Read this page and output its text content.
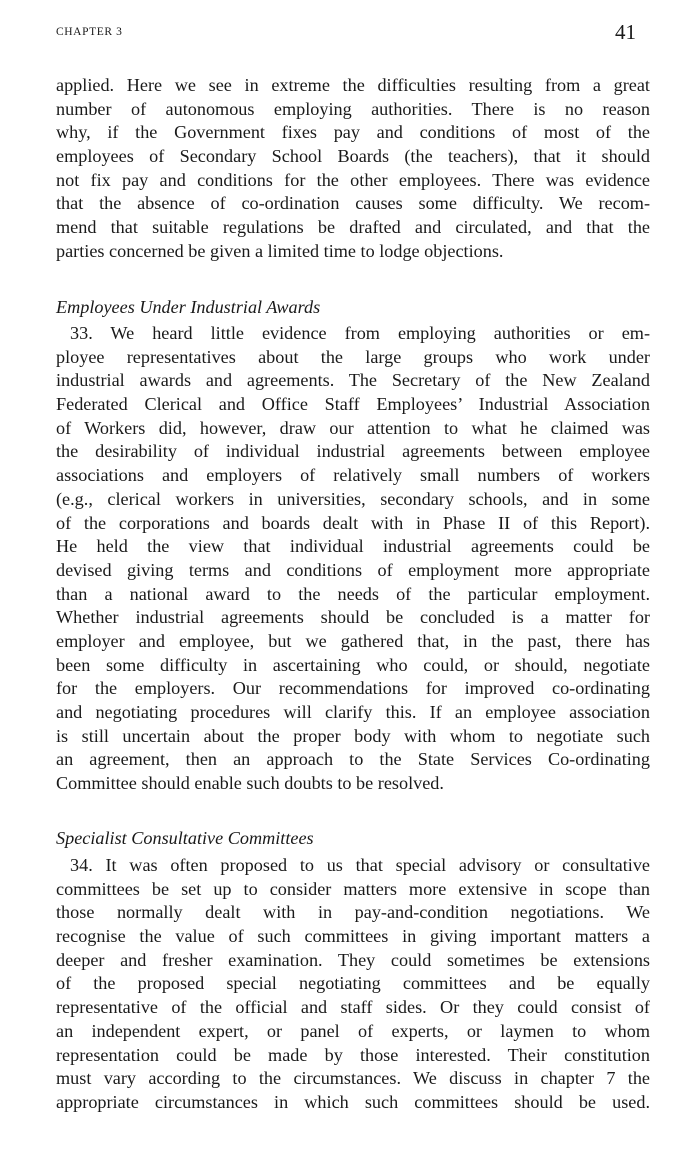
CHAPTER 3	41
applied. Here we see in extreme the difficulties resulting from a great
number of autonomous employing authorities. There is no reason
why, if the Government fixes pay and conditions of most of the
employees of Secondary School Boards (the teachers), that it should
not fix pay and conditions for the other employees. There was evidence
that the absence of co-ordination causes some difficulty. We recom-
mend that suitable regulations be drafted and circulated, and that the
parties concerned be given a limited time to lodge objections.
Employees Under Industrial Awards
33. We heard little evidence from employing authorities or em-
ployee representatives about the large groups who work under
industrial awards and agreements. The Secretary of the New Zealand
Federated Clerical and Office Staff Employees’ Industrial Association
of Workers did, however, draw our attention to what he claimed was
the desirability of individual industrial agreements between employee
associations and employers of relatively small numbers of workers
(e.g., clerical workers in universities, secondary schools, and in some
of the corporations and boards dealt with in Phase II of this Report).
He held the view that individual industrial agreements could be
devised giving terms and conditions of employment more appropriate
than a national award to the needs of the particular employment.
Whether industrial agreements should be concluded is a matter for
employer and employee, but we gathered that, in the past, there has
been some difficulty in ascertaining who could, or should, negotiate
for the employers. Our recommendations for improved co-ordinating
and negotiating procedures will clarify this. If an employee association
is still uncertain about the proper body with whom to negotiate such
an agreement, then an approach to the State Services Co-ordinating
Committee should enable such doubts to be resolved.
Specialist Consultative Committees
34. It was often proposed to us that special advisory or consultative
committees be set up to consider matters more extensive in scope than
those normally dealt with in pay-and-condition negotiations. We
recognise the value of such committees in giving important matters a
deeper and fresher examination. They could sometimes be extensions
of the proposed special negotiating committees and be equally
representative of the official and staff sides. Or they could consist of
an independent expert, or panel of experts, or laymen to whom
representation could be made by those interested. Their constitution
must vary according to the circumstances. We discuss in chapter 7 the
appropriate circumstances in which such committees should be used.
